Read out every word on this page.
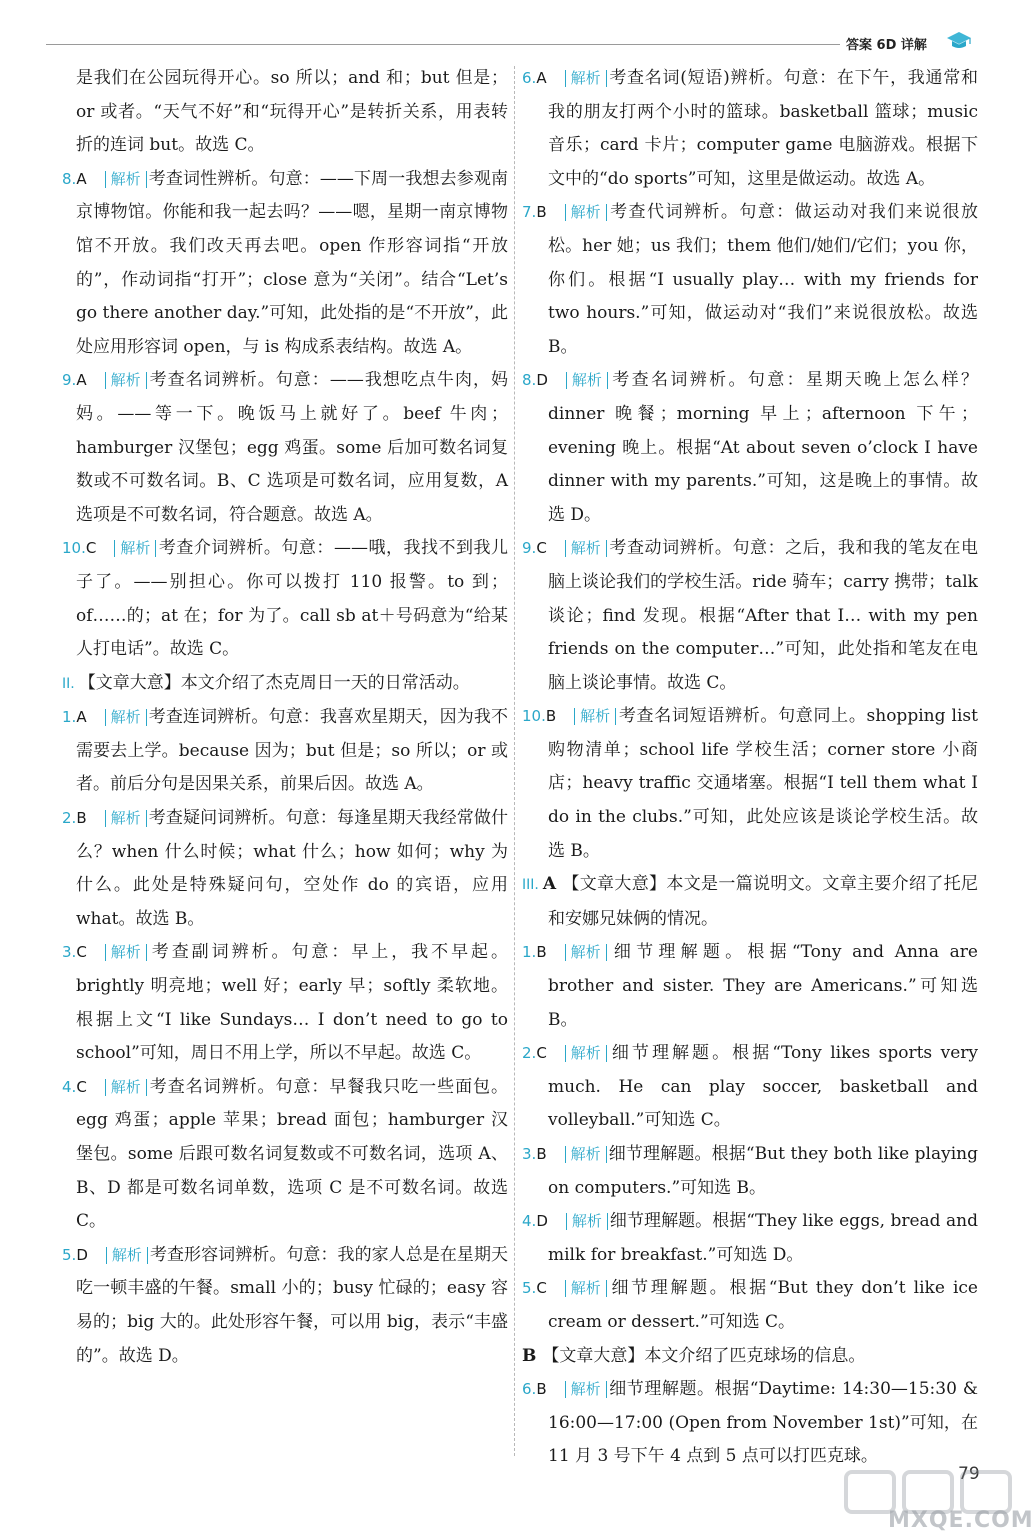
答案 6D 详解

是我们在公园玩得开心。so 所以；and 和；but 但是；or 或者。“天气不好”和“玩得开心”是转折关系，用表转折的连词 but。故选 C。

8.A 解析 考查词性辨析。句意：——下周一我想去参观南京博物馆。你能和我一起去吗？——嗯，星期一南京博物馆不开放。我们改天再去吧。open 作形容词指“开放的”，作动词指“打开”；close 意为“关闭”。结合“Let’s go there another day.”可知，此处指的是“不开放”，此处应用形容词 open，与 is 构成系表结构。故选 A。

9.A 解析 考查名词辨析。句意：——我想吃点牛肉，妈妈。——等一下。晚饭马上就好了。beef 牛肉；hamburger 汉堡包；egg 鸡蛋。some 后加可数名词复数或不可数名词。B、C 选项是可数名词，应用复数，A 选项是不可数名词，符合题意。故选 A。

10.C 解析 考查介词辨析。句意：——哦，我找不到我儿子了。——别担心。你可以拨打 110 报警。to 到；of……的；at 在；for 为了。call sb at＋号码意为“给某人打电话”。故选 C。

II. 【文章大意】本文介绍了杰克周日一天的日常活动。

1.A 解析 考查连词辨析。句意：我喜欢星期天，因为我不需要去上学。because 因为；but 但是；so 所以；or 或者。前后分句是因果关系，前果后因。故选 A。

2.B 解析 考查疑问词辨析。句意：每逢星期天我经常做什么？when 什么时候；what 什么；how 如何；why 为什么。此处是特殊疑问句，空处作 do 的宾语，应用 what。故选 B。

3.C 解析 考查副词辨析。句意：早上，我不早起。brightly 明亮地；well 好；early 早；softly 柔软地。根据上文“I like Sundays… I don’t need to go to school”可知，周日不用上学，所以不早起。故选 C。

4.C 解析 考查名词辨析。句意：早餐我只吃一些面包。egg 鸡蛋；apple 苹果；bread 面包；hamburger 汉堡包。some 后跟可数名词复数或不可数名词，选项 A、B、D 都是可数名词单数，选项 C 是不可数名词。故选 C。

5.D 解析 考查形容词辨析。句意：我的家人总是在星期天吃一顿丰盛的午餐。small 小的；busy 忙碌的；easy 容易的；big 大的。此处形容午餐，可以用 big，表示“丰盛的”。故选 D。

6.A 解析 考查名词(短语)辨析。句意：在下午，我通常和我的朋友打两个小时的篮球。basketball 篮球；music 音乐；card 卡片；computer game 电脑游戏。根据下文中的“do sports”可知，这里是做运动。故选 A。

7.B 解析 考查代词辨析。句意：做运动对我们来说很放松。her 她；us 我们；them 他们/她们/它们；you 你，你们。根据“I usually play… with my friends for two hours.”可知，做运动对“我们”来说很放松。故选 B。

8.D 解析 考查名词辨析。句意：星期天晚上怎么样？dinner 晚餐；morning 早上；afternoon 下午；evening 晚上。根据“At about seven o’clock I have dinner with my parents.”可知，这是晚上的事情。故选 D。

9.C 解析 考查动词辨析。句意：之后，我和我的笔友在电脑上谈论我们的学校生活。ride 骑车；carry 携带；talk 谈论；find 发现。根据“After that I… with my pen friends on the computer…”可知，此处指和笔友在电脑上谈论事情。故选 C。

10.B 解析 考查名词短语辨析。句意同上。shopping list 购物清单；school life 学校生活；corner store 小商店；heavy traffic 交通堵塞。根据“I tell them what I do in the clubs.”可知，此处应该是谈论学校生活。故选 B。

III. A 【文章大意】本文是一篇说明文。文章主要介绍了托尼和安娜兄妹俩的情况。

1.B 解析 细节理解题。根据“Tony and Anna are brother and sister. They are Americans.”可知选 B。

2.C 解析 细节理解题。根据“Tony likes sports very much. He can play soccer, basketball and volleyball.”可知选 C。

3.B 解析 细节理解题。根据“But they both like playing on computers.”可知选 B。

4.D 解析 细节理解题。根据“They like eggs, bread and milk for breakfast.”可知选 D。

5.C 解析 细节理解题。根据“But they don’t like ice cream or dessert.”可知选 C。

B 【文章大意】本文介绍了匹克球场的信息。

6.B 解析 细节理解题。根据“Daytime: 14:30—15:30 & 16:00—17:00 (Open from November 1st)”可知，在 11 月 3 号下午 4 点到 5 点可以打匹克球。

79
MXQE.COM
